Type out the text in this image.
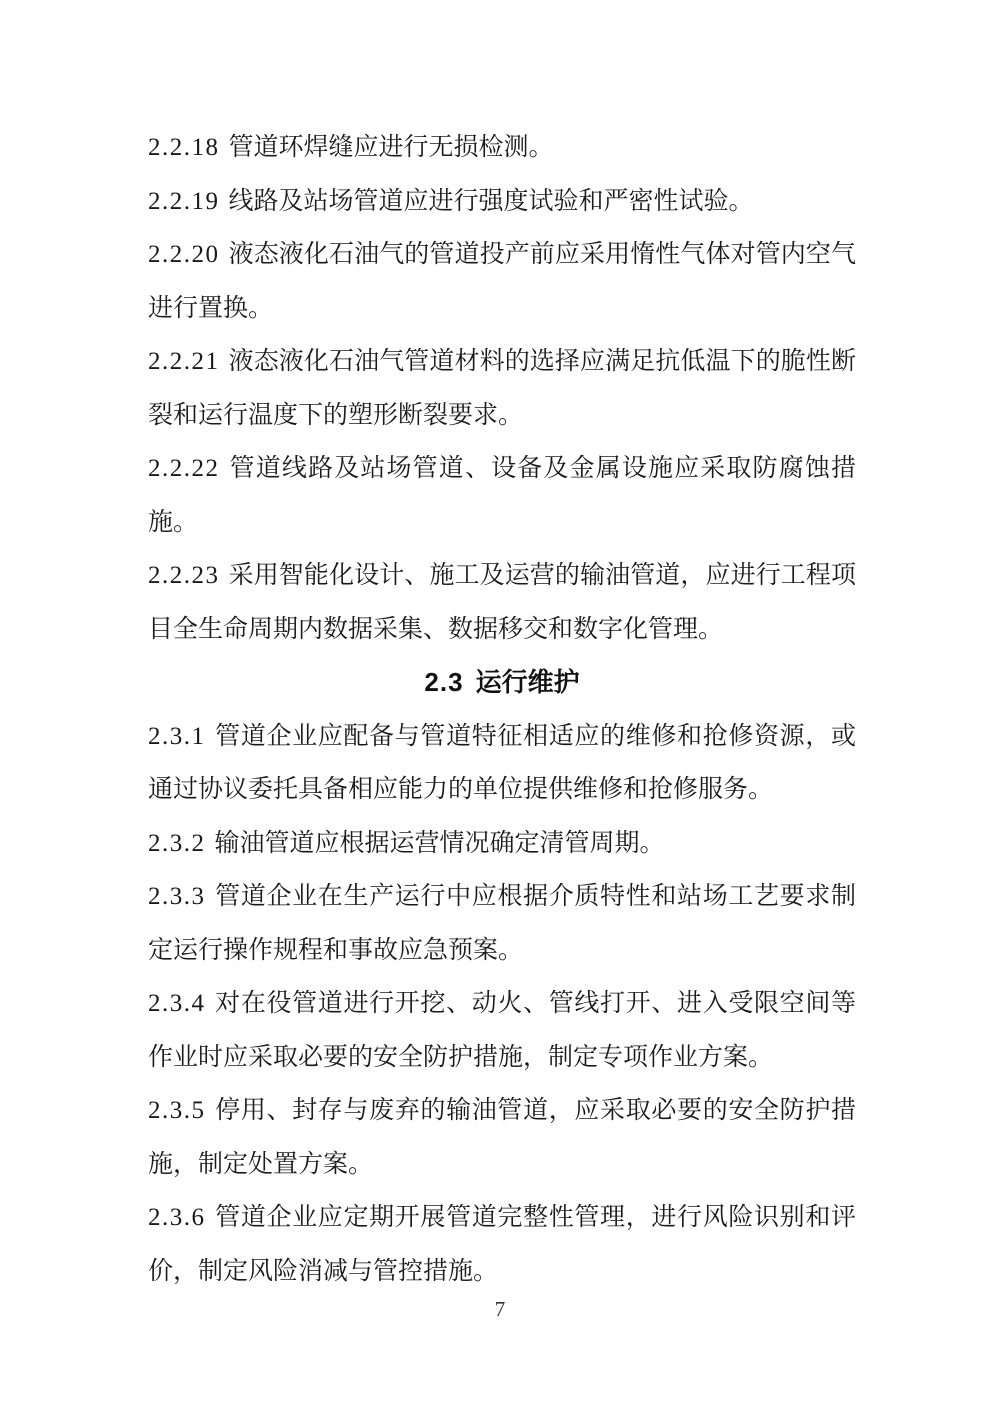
2.2.18 管道环焊缝应进行无损检测。

2.2.19 线路及站场管道应进行强度试验和严密性试验。

2.2.20 液态液化石油气的管道投产前应采用惰性气体对管内空气进行置换。

2.2.21 液态液化石油气管道材料的选择应满足抗低温下的脆性断裂和运行温度下的塑形断裂要求。

2.2.22 管道线路及站场管道、设备及金属设施应采取防腐蚀措施。

2.2.23 采用智能化设计、施工及运营的输油管道，应进行工程项目全生命周期内数据采集、数据移交和数字化管理。

2.3 运行维护

2.3.1 管道企业应配备与管道特征相适应的维修和抢修资源，或通过协议委托具备相应能力的单位提供维修和抢修服务。

2.3.2 输油管道应根据运营情况确定清管周期。

2.3.3 管道企业在生产运行中应根据介质特性和站场工艺要求制定运行操作规程和事故应急预案。

2.3.4 对在役管道进行开挖、动火、管线打开、进入受限空间等作业时应采取必要的安全防护措施，制定专项作业方案。

2.3.5 停用、封存与废弃的输油管道，应采取必要的安全防护措施，制定处置方案。

2.3.6 管道企业应定期开展管道完整性管理，进行风险识别和评价，制定风险消减与管控措施。

7
